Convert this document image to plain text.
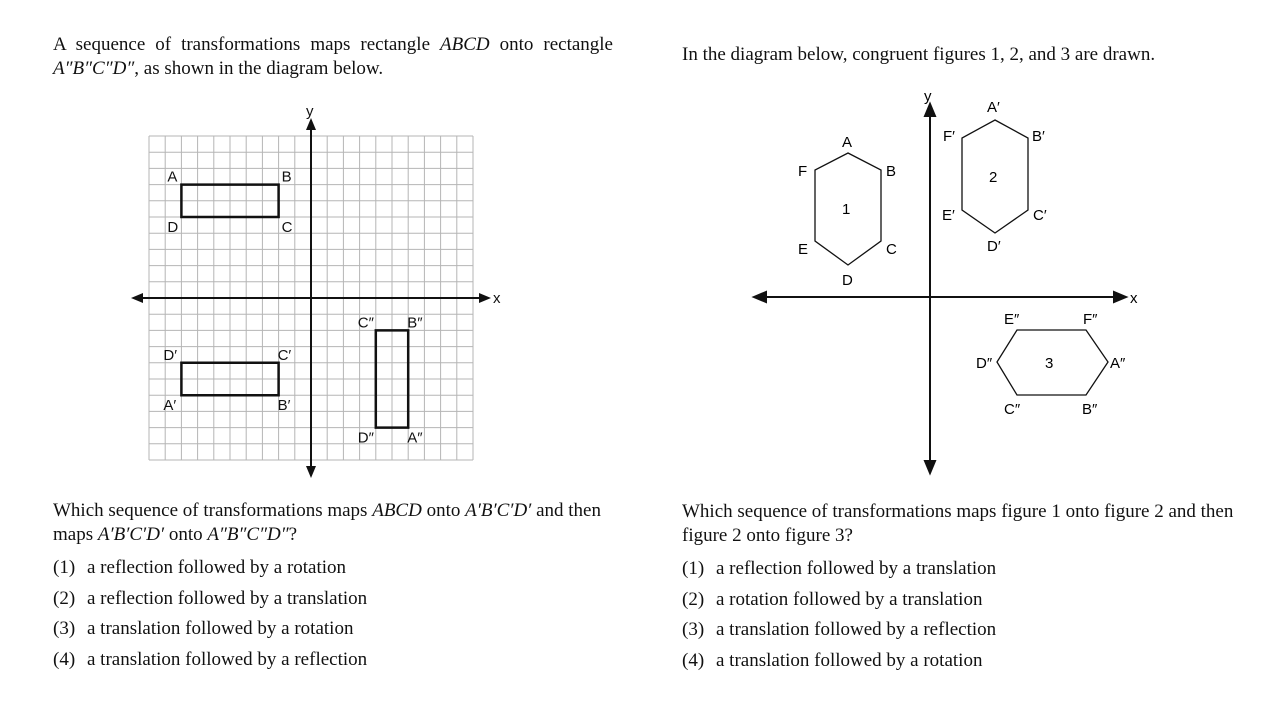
A sequence of transformations maps rectangle ABCD onto rectangle A″B″C″D″, as shown in the diagram below.
x
y
A	B
C
D
A′	B′
C′
D′
A″
B″
C″
D″
Which sequence of transformations maps ABCD onto A′B′C′D′ and then maps A′B′C′D′ onto A″B″C″D″?
(1) a reflection followed by a rotation
(2) a reflection followed by a translation
(3) a translation followed by a rotation
(4) a translation followed by a reflection
In the diagram below, congruent figures 1, 2, and 3 are drawn.
x
y
1
A
B
C
D
E
F	2
A′
B′
C′
D′
E′
F′
3	A″
B″
C″
D″
E″	F″
Which sequence of transformations maps figure 1 onto figure 2 and then figure 2 onto figure 3?
(1) a reflection followed by a translation
(2) a rotation followed by a translation
(3) a translation followed by a reflection
(4) a translation followed by a rotation
